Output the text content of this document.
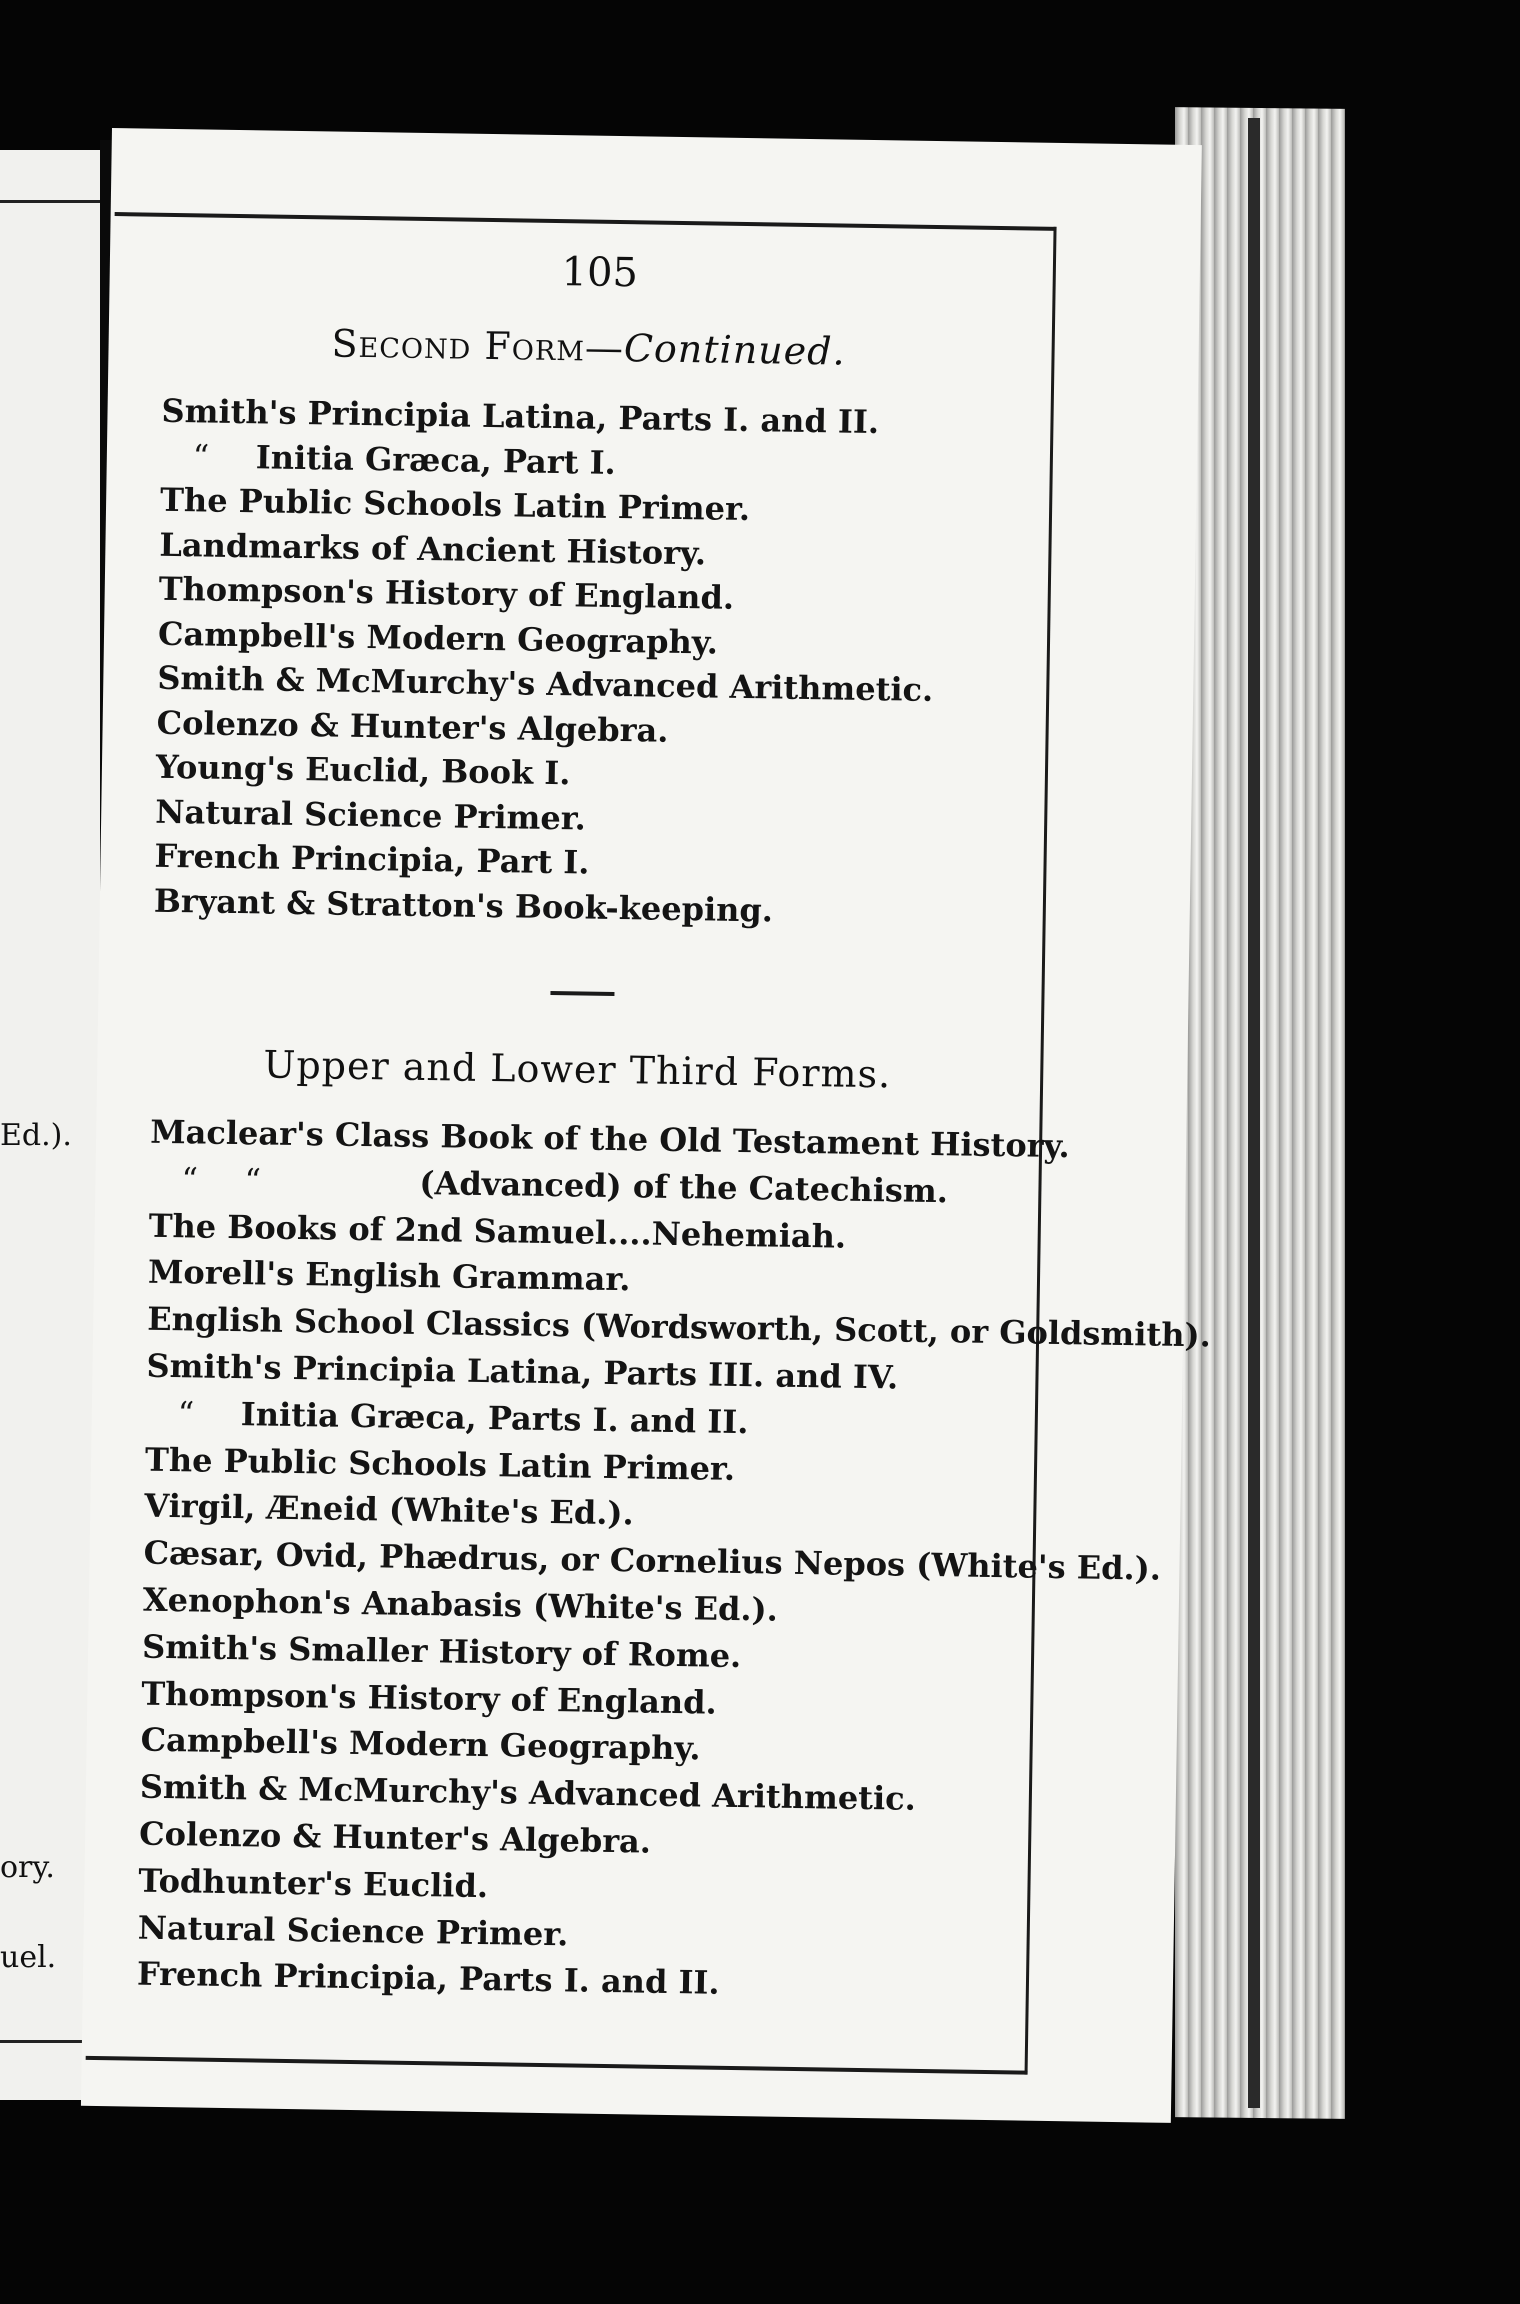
Ed.).
ory.
uel.
105
Second Form—Continued.
Smith's Principia Latina, Parts I. and II.
“ Initia Græca, Part I.
The Public Schools Latin Primer.
Landmarks of Ancient History.
Thompson's History of England.
Campbell's Modern Geography.
Smith & McMurchy's Advanced Arithmetic.
Colenzo & Hunter's Algebra.
Young's Euclid, Book I.
Natural Science Primer.
French Principia, Part I.
Bryant & Stratton's Book-keeping.
Upper and Lower Third Forms.
Maclear's Class Book of the Old Testament History.
“ “	(Advanced) of the Catechism.
The Books of 2nd Samuel....Nehemiah.
Morell's English Grammar.
English School Classics (Wordsworth, Scott, or Goldsmith).
Smith's Principia Latina, Parts III. and IV.
“ Initia Græca, Parts I. and II.
The Public Schools Latin Primer.
Virgil, Æneid (White's Ed.).
Cæsar, Ovid, Phædrus, or Cornelius Nepos (White's Ed.).
Xenophon's Anabasis (White's Ed.).
Smith's Smaller History of Rome.
Thompson's History of England.
Campbell's Modern Geography.
Smith & McMurchy's Advanced Arithmetic.
Colenzo & Hunter's Algebra.
Todhunter's Euclid.
Natural Science Primer.
French Principia, Parts I. and II.
